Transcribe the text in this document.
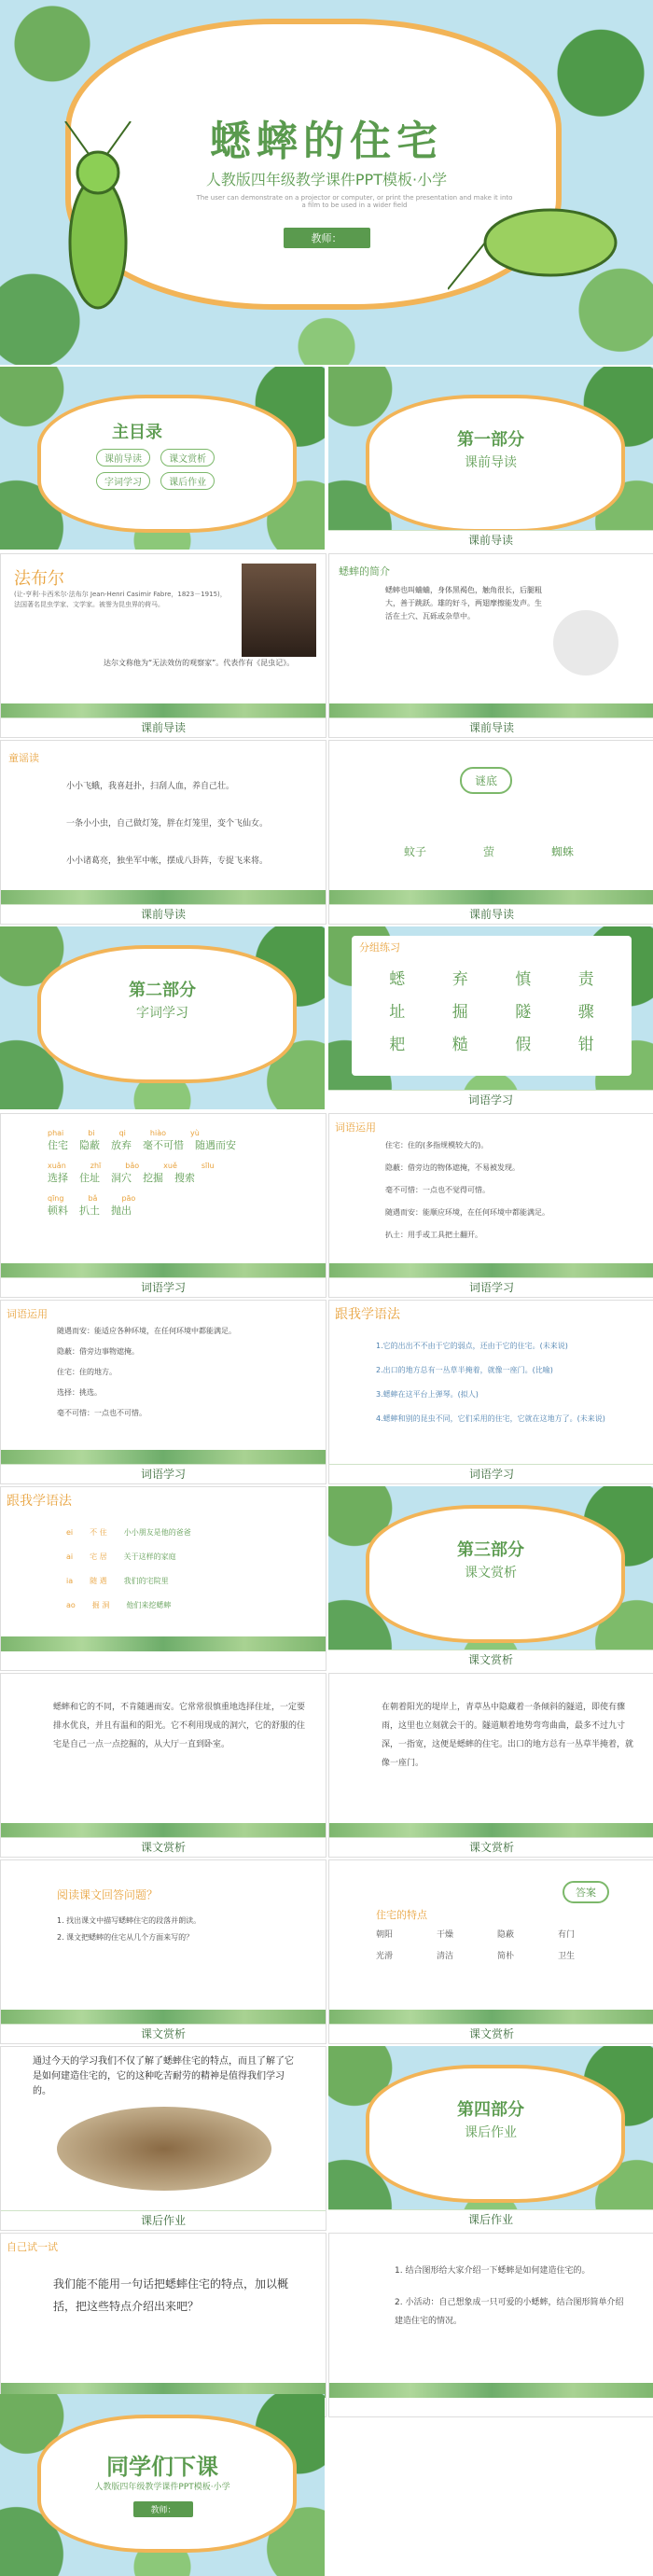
蟋蟀的住宅
人教版四年级教学课件PPT模板·小学
The user can demonstrate on a projector or computer, or print the presentation and make it into a film to be used in a wider field
教师：
主目录
课前导读	课文赏析 字词学习	课后作业
第一部分
课前导读
课前导读
法布尔
(让-亨利·卡西米尔·法布尔 Jean-Henri Casimir Fabre，1823－1915)，法国著名昆虫学家、文学家。被誉为昆虫界的荷马。
达尔文称他为“无法效仿的观察家”。代表作有《昆虫记》。
课前导读
蟋蟀的简介
蟋蟀也叫蛐蛐，身体黑褐色，触角很长，后腿粗大，善于跳跃。雄的好斗，两翅摩擦能发声。生活在土穴、瓦砾或杂草中。
课前导读
童谣读
小小飞蛾，我喜赶扑，扫刮人血，养自己壮。
一条小小虫，自己做灯笼，胖在灯笼里，变个飞仙女。
小小诸葛亮，独坐军中帐，摆成八卦阵，专捉飞来将。
课前导读
谜底
蚊子	萤	蜘蛛
课前导读
第二部分
字词学习
分组练习
蟋	弃	慎	责
址	掘	隧	骤
耙	糙	假	钳
词语学习
phai	bi	qi	hiào	yù
住宅 隐蔽 放弃 毫不可惜 随遇而安
xuǎn	zhī	bǎo	xuě	sīlu
选择 住址 洞穴 挖掘 搜索
qīng	bǎ	pāo
顿料 扒土 抛出
词语学习
词语运用
住宅：住的(多指规模较大的)。
隐蔽：借旁边的物体遮掩，不易被发现。
毫不可惜：一点也不觉得可惜。
随遇而安：能顺应环境，在任何环境中都能满足。
扒土：用手或工具把土翻开。
词语学习
词语运用
随遇而安：能适应各种环境，在任何环境中都能满足。
隐蔽：借旁边事物遮掩。
住宅：住的地方。
选择：挑选。
毫不可惜：一点也不可惜。
词语学习
跟我学语法
1.它的出出不不由于它的弱点，还由于它的住宅。(未来说)
2.出口的地方总有一丛草半掩着，就像一座门。(比喻)
3.蟋蟀在这平台上弹琴。(拟人)
4.蟋蟀和别的昆虫不同，它们采用的住宅，它就在这地方了。(未来说)
词语学习
跟我学语法
ei 不 住 小小朋友是他的爸爸
ai 宅 居 关于这样的家庭
ia 随 遇 我们的宅院里
ao 掘 洞 他们来挖蟋蟀
第三部分
课文赏析
课文赏析
蟋蟀和它的不同，不肯随遇而安。它常常很慎重地选择住址，一定要排水优良，并且有温和的阳光。它不利用现成的洞穴，它的舒服的住宅是自己一点一点挖掘的，从大厅一直到卧室。
课文赏析
在朝着阳光的堤岸上，青草丛中隐藏着一条倾斜的隧道，即使有骤雨，这里也立刻就会干的。隧道顺着地势弯弯曲曲，最多不过九寸深，一指宽，这便是蟋蟀的住宅。出口的地方总有一丛草半掩着，就像一座门。
课文赏析
阅读课文回答问题？
1. 找出课文中描写蟋蟀住宅的段落并朗读。
2. 课文把蟋蟀的住宅从几个方面来写的？
课文赏析
答案
住宅的特点
朝阳	干燥	隐蔽	有门
光滑	清洁	简朴	卫生
课文赏析
通过今天的学习我们不仅了解了蟋蟀住宅的特点，而且了解了它是如何建造住宅的，它的这种吃苦耐劳的精神是值得我们学习的。
课后作业
第四部分
课后作业
课后作业
自己试一试
我们能不能用一句话把蟋蟀住宅的特点，加以概括，把这些特点介绍出来吧？
1. 结合图形给大家介绍一下蟋蟀是如何建造住宅的。
2. 小活动：自己想象成一只可爱的小蟋蟀，结合图形简单介绍建造住宅的情况。
同学们下课
人教版四年级教学课件PPT模板·小学
教师：
